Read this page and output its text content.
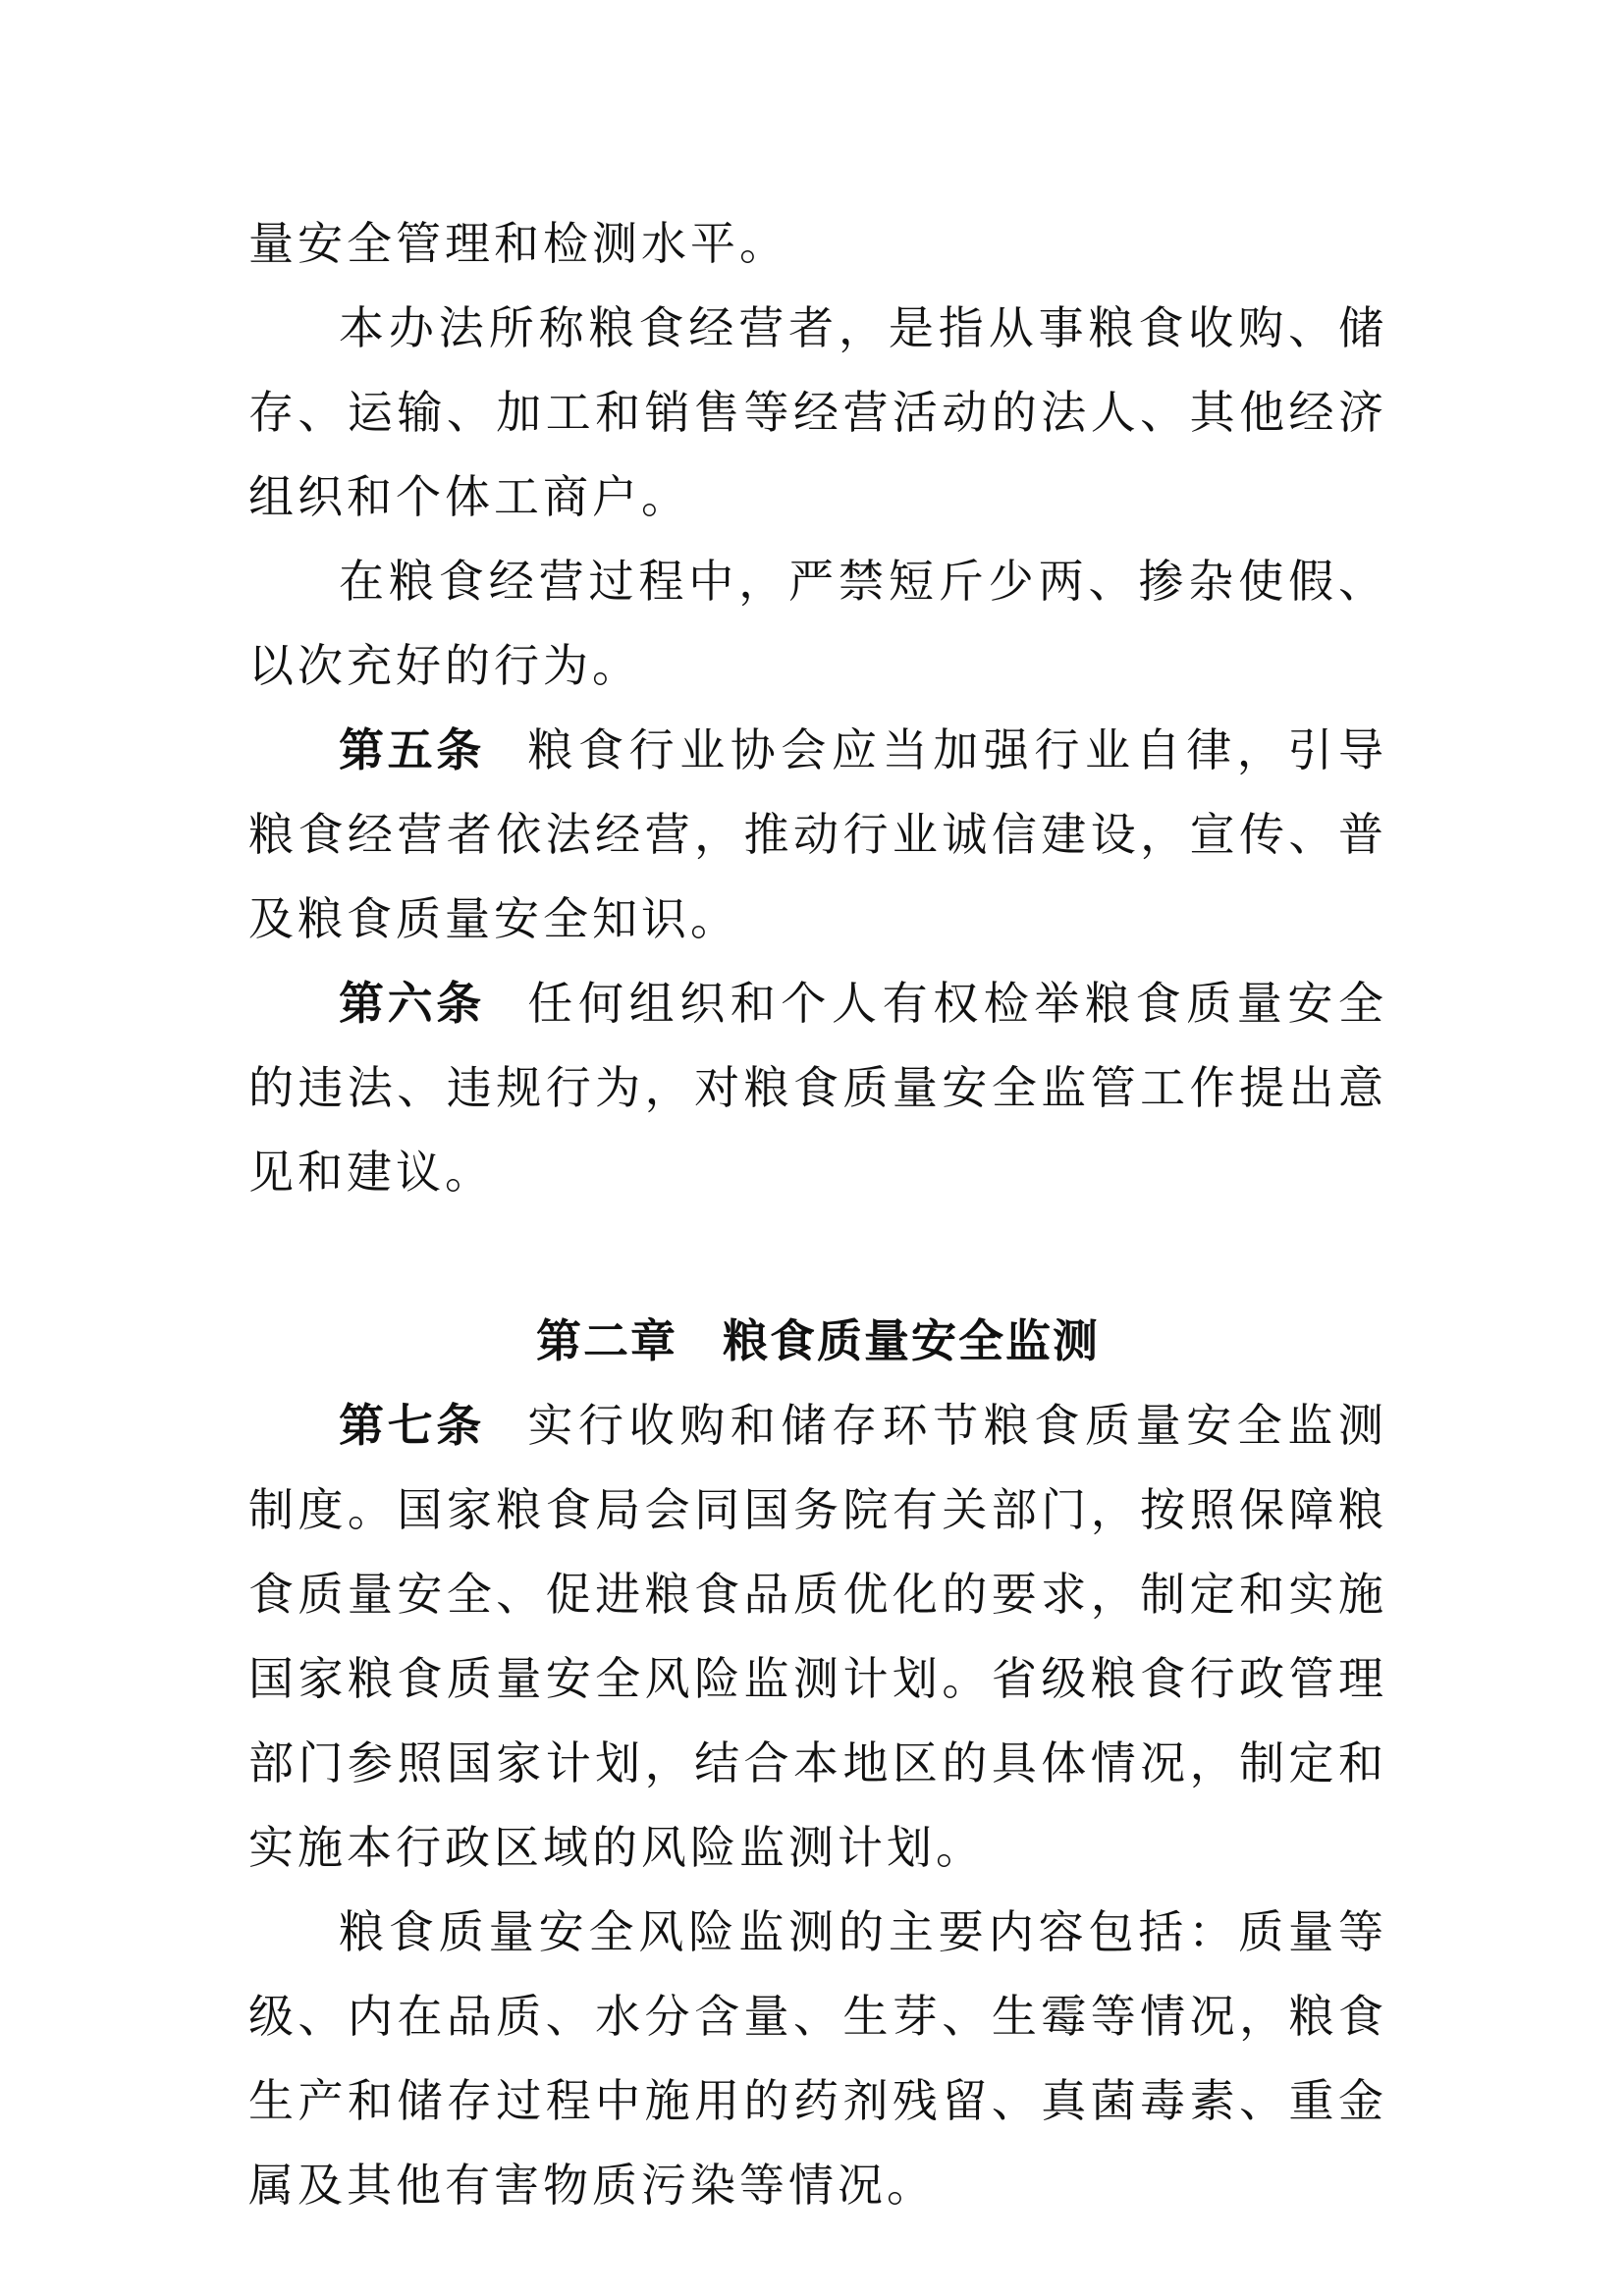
量安全管理和检测水平。

本办法所称粮食经营者，是指从事粮食收购、储存、运输、加工和销售等经营活动的法人、其他经济组织和个体工商户。

在粮食经营过程中，严禁短斤少两、掺杂使假、以次充好的行为。

第五条 粮食行业协会应当加强行业自律，引导粮食经营者依法经营，推动行业诚信建设，宣传、普及粮食质量安全知识。

第六条 任何组织和个人有权检举粮食质量安全的违法、违规行为，对粮食质量安全监管工作提出意见和建议。

第二章 粮食质量安全监测

第七条 实行收购和储存环节粮食质量安全监测制度。国家粮食局会同国务院有关部门，按照保障粮食质量安全、促进粮食品质优化的要求，制定和实施国家粮食质量安全风险监测计划。省级粮食行政管理部门参照国家计划，结合本地区的具体情况，制定和实施本行政区域的风险监测计划。

粮食质量安全风险监测的主要内容包括：质量等级、内在品质、水分含量、生芽、生霉等情况，粮食生产和储存过程中施用的药剂残留、真菌毒素、重金属及其他有害物质污染等情况。
